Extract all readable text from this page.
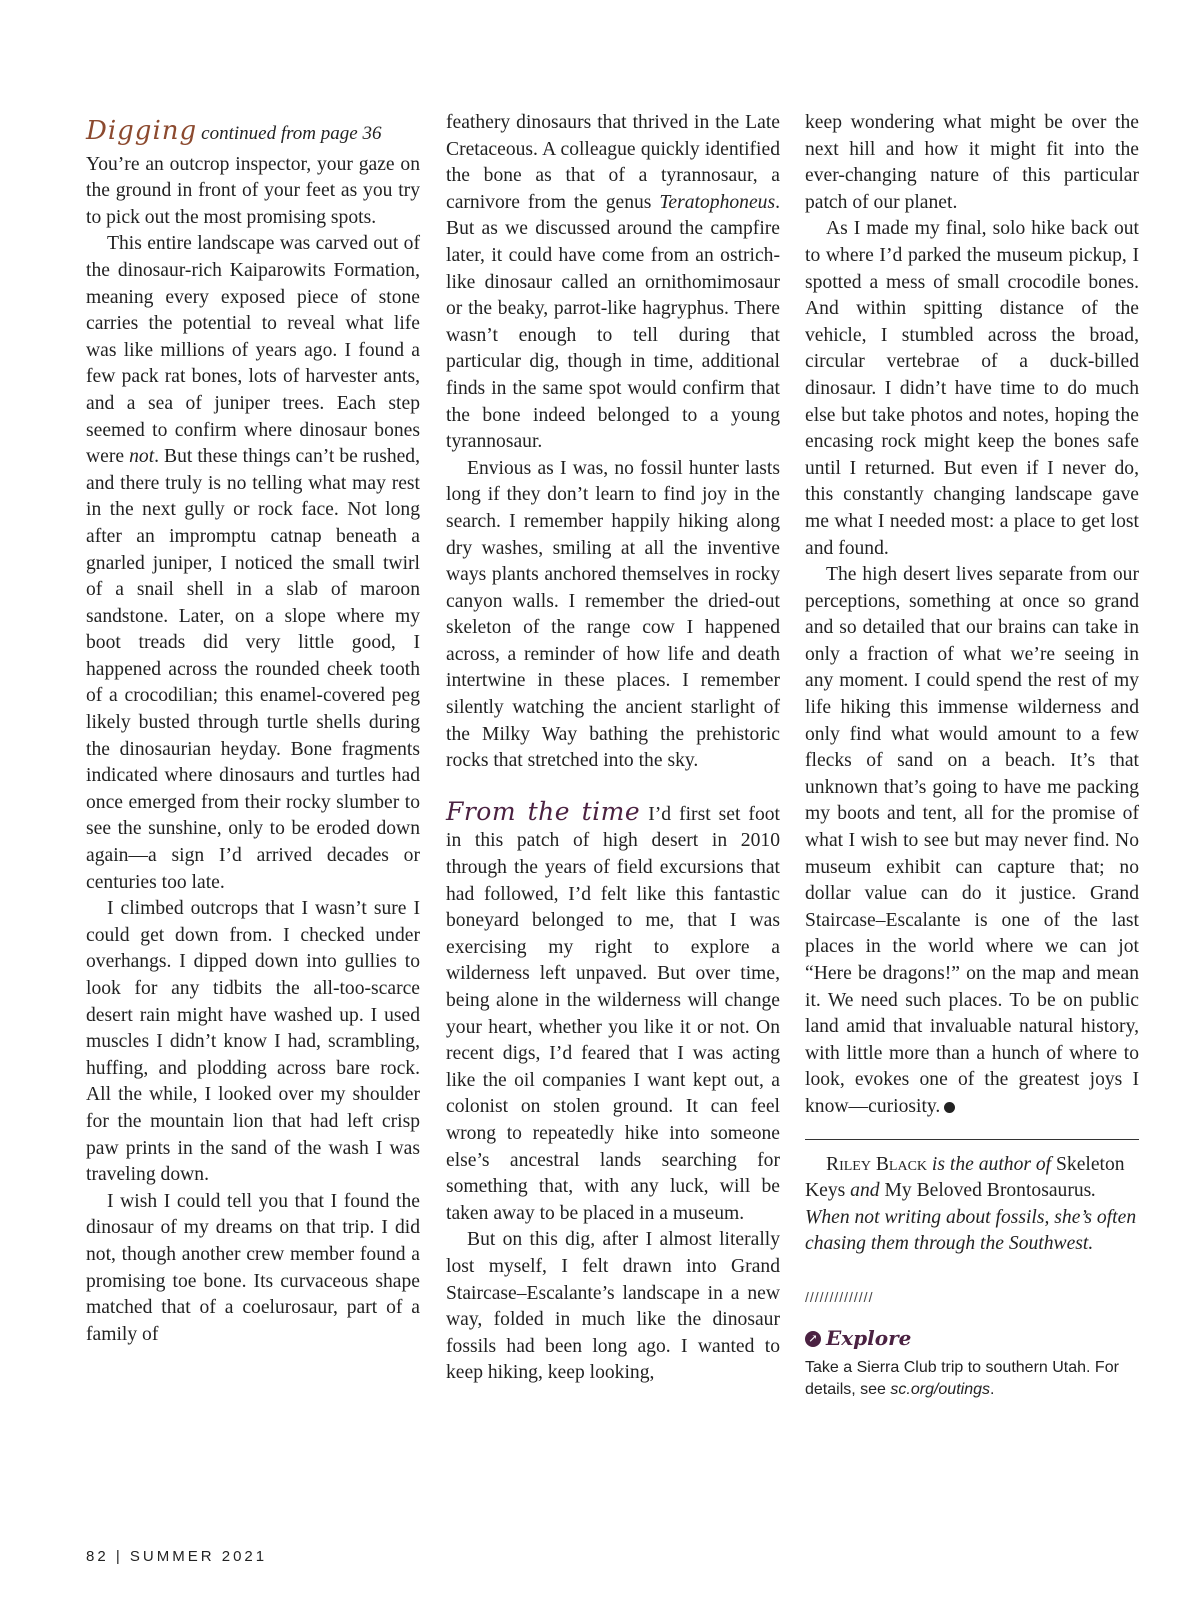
Digging continued from page 36

You’re an outcrop inspector, your gaze on the ground in front of your feet as you try to pick out the most promising spots.

This entire landscape was carved out of the dinosaur-rich Kaiparowits Formation, meaning every exposed piece of stone carries the potential to reveal what life was like millions of years ago. I found a few pack rat bones, lots of harvester ants, and a sea of juniper trees. Each step seemed to confirm where dinosaur bones were not. But these things can’t be rushed, and there truly is no telling what may rest in the next gully or rock face. Not long after an impromptu catnap beneath a gnarled juniper, I noticed the small twirl of a snail shell in a slab of maroon sandstone. Later, on a slope where my boot treads did very little good, I happened across the rounded cheek tooth of a crocodilian; this enamel-covered peg likely busted through turtle shells during the dinosaurian heyday. Bone fragments indicated where dinosaurs and turtles had once emerged from their rocky slumber to see the sunshine, only to be eroded down again—a sign I’d arrived decades or centuries too late.

I climbed outcrops that I wasn’t sure I could get down from. I checked under overhangs. I dipped down into gullies to look for any tidbits the all-too-scarce desert rain might have washed up. I used muscles I didn’t know I had, scrambling, huffing, and plodding across bare rock. All the while, I looked over my shoulder for the mountain lion that had left crisp paw prints in the sand of the wash I was traveling down.

I wish I could tell you that I found the dinosaur of my dreams on that trip. I did not, though another crew member found a promising toe bone. Its curvaceous shape matched that of a coelurosaur, part of a family of

feathery dinosaurs that thrived in the Late Cretaceous. A colleague quickly identified the bone as that of a tyrannosaur, a carnivore from the genus Teratophoneus. But as we discussed around the campfire later, it could have come from an ostrich-like dinosaur called an ornithomimosaur or the beaky, parrot-like hagryphus. There wasn’t enough to tell during that particular dig, though in time, additional finds in the same spot would confirm that the bone indeed belonged to a young tyrannosaur.

Envious as I was, no fossil hunter lasts long if they don’t learn to find joy in the search. I remember happily hiking along dry washes, smiling at all the inventive ways plants anchored themselves in rocky canyon walls. I remember the dried-out skeleton of the range cow I happened across, a reminder of how life and death intertwine in these places. I remember silently watching the ancient starlight of the Milky Way bathing the prehistoric rocks that stretched into the sky.

From the time I’d first set foot in this patch of high desert in 2010 through the years of field excursions that had followed, I’d felt like this fantastic boneyard belonged to me, that I was exercising my right to explore a wilderness left unpaved. But over time, being alone in the wilderness will change your heart, whether you like it or not. On recent digs, I’d feared that I was acting like the oil companies I want kept out, a colonist on stolen ground. It can feel wrong to repeatedly hike into someone else’s ancestral lands searching for something that, with any luck, will be taken away to be placed in a museum.

But on this dig, after I almost literally lost myself, I felt drawn into Grand Staircase–Escalante’s landscape in a new way, folded in much like the dinosaur fossils had been long ago. I wanted to keep hiking, keep looking,

keep wondering what might be over the next hill and how it might fit into the ever-changing nature of this particular patch of our planet.

As I made my final, solo hike back out to where I’d parked the museum pickup, I spotted a mess of small crocodile bones. And within spitting distance of the vehicle, I stumbled across the broad, circular vertebrae of a duck-billed dinosaur. I didn’t have time to do much else but take photos and notes, hoping the encasing rock might keep the bones safe until I returned. But even if I never do, this constantly changing landscape gave me what I needed most: a place to get lost and found.

The high desert lives separate from our perceptions, something at once so grand and so detailed that our brains can take in only a fraction of what we’re seeing in any moment. I could spend the rest of my life hiking this immense wilderness and only find what would amount to a few flecks of sand on a beach. It’s that unknown that’s going to have me packing my boots and tent, all for the promise of what I wish to see but may never find. No museum exhibit can capture that; no dollar value can do it justice. Grand Staircase–Escalante is one of the last places in the world where we can jot “Here be dragons!” on the map and mean it. We need such places. To be on public land amid that invaluable natural history, with little more than a hunch of where to look, evokes one of the greatest joys I know—curiosity.

Riley Black is the author of Skeleton Keys and My Beloved Brontosaurus. When not writing about fossils, she’s often chasing them through the Southwest.

//////////////
↗ Explore
Take a Sierra Club trip to southern Utah. For details, see sc.org/outings.
82 | SUMMER 2021
